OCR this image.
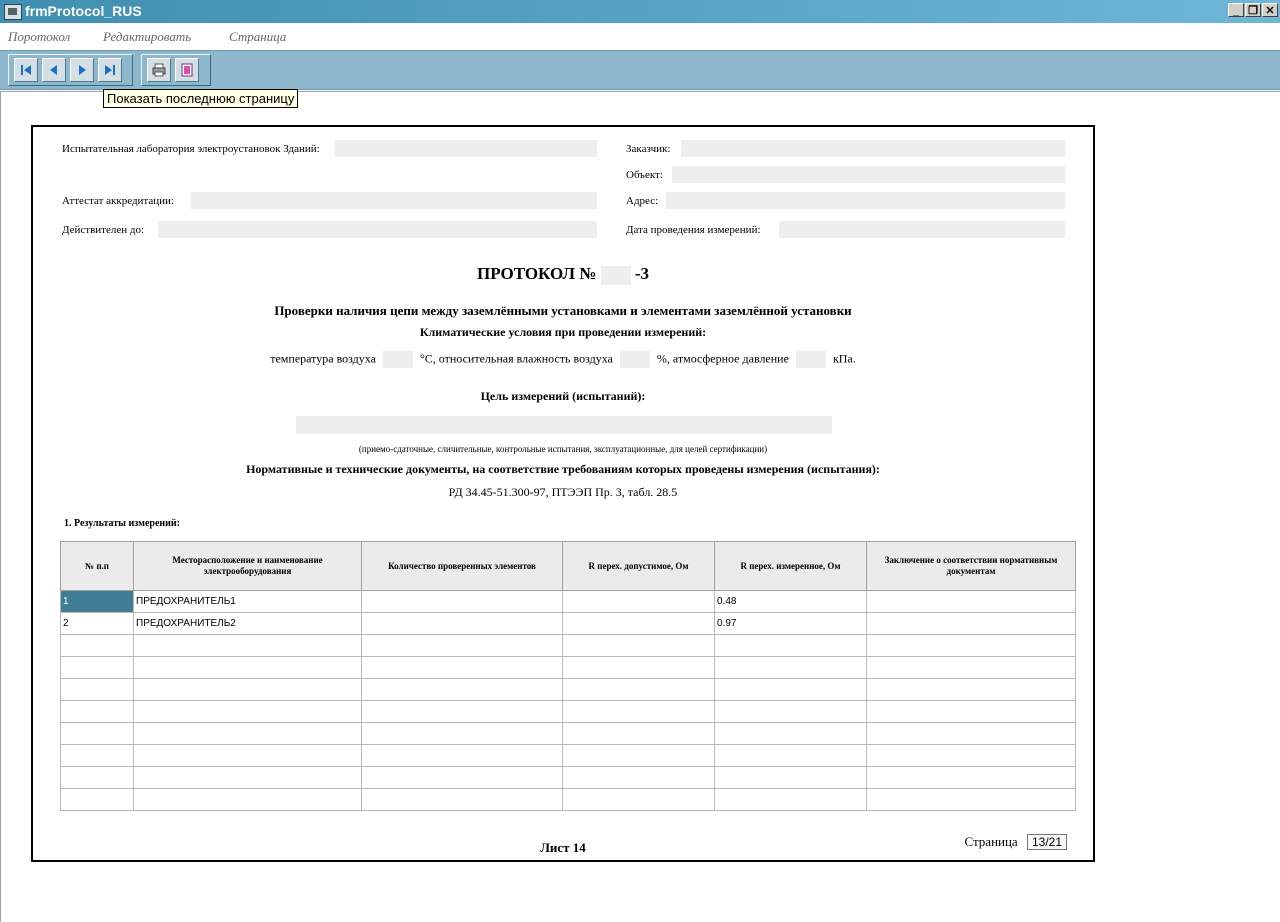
frmProtocol_RUS	_ ❐ ✕
Поротокол	Редактировать	Страница
Показать последнюю страницу
Испытательная лаборатория электроустановок Зданий:
Аттестат аккредитации:
Действителен до:
Заказчик:
Объект:
Адрес:
Дата проведения измерений:
ПРОТОКОЛ № -3
Проверки наличия цепи между заземлёнными установками и элементами заземлённой установки
Климатические условия при проведении измерений:
температура воздуха	°С, относительная влажность воздуха	%, атмосферное давление	кПа.
Цель измерений (испытаний):
(приемо-сдаточные, сличительные, контрольные испытания, эксплуатационные, для целей сертификации)
Нормативные и технические документы, на соответствие требованиям которых проведены измерения (испытания):
РД 34.45-51.300-97, ПТЭЭП Пр. 3, табл. 28.5
1. Результаты измерений:
№ п.п	Месторасположение и наименование электрооборудования	Количество проверенных элементов	R перех. допустимое, Ом	R перех. измеренное, Ом	Заключение о соответствии нормативным документам
1	ПРЕДОХРАНИТЕЛЬ1			0.48	
2	ПРЕДОХРАНИТЕЛЬ2			0.97	

Лист 14	Страница 13/21
